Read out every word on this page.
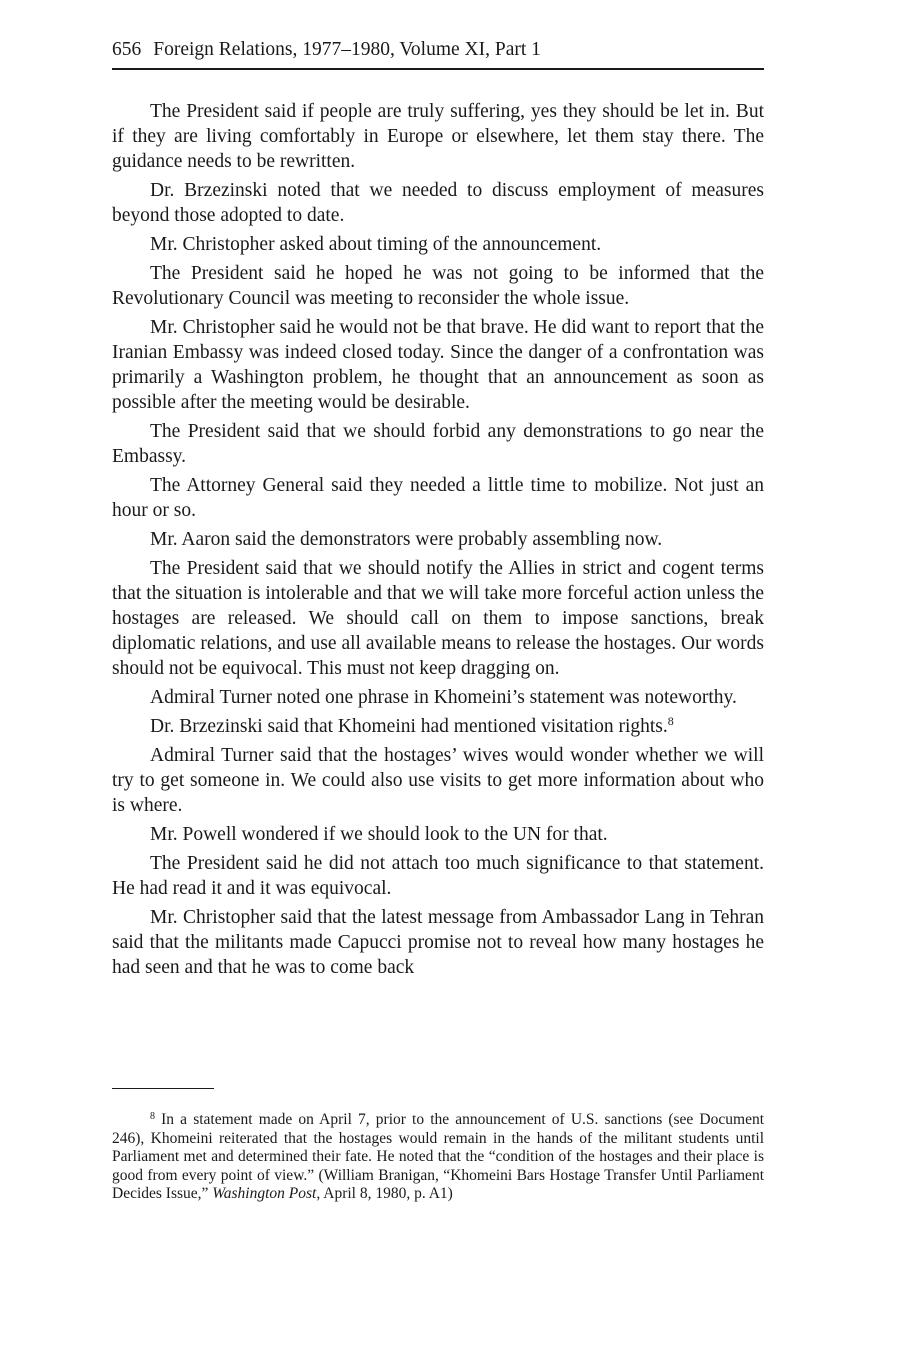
656 Foreign Relations, 1977–1980, Volume XI, Part 1

The President said if people are truly suffering, yes they should be let in. But if they are living comfortably in Europe or elsewhere, let them stay there. The guidance needs to be rewritten.

Dr. Brzezinski noted that we needed to discuss employment of measures beyond those adopted to date.

Mr. Christopher asked about timing of the announcement.

The President said he hoped he was not going to be informed that the Revolutionary Council was meeting to reconsider the whole issue.

Mr. Christopher said he would not be that brave. He did want to report that the Iranian Embassy was indeed closed today. Since the danger of a confrontation was primarily a Washington problem, he thought that an announcement as soon as possible after the meeting would be desirable.

The President said that we should forbid any demonstrations to go near the Embassy.

The Attorney General said they needed a little time to mobilize. Not just an hour or so.

Mr. Aaron said the demonstrators were probably assembling now.

The President said that we should notify the Allies in strict and cogent terms that the situation is intolerable and that we will take more forceful action unless the hostages are released. We should call on them to impose sanctions, break diplomatic relations, and use all available means to release the hostages. Our words should not be equivocal. This must not keep dragging on.

Admiral Turner noted one phrase in Khomeini’s statement was noteworthy.

Dr. Brzezinski said that Khomeini had mentioned visitation rights.$^8$

Admiral Turner said that the hostages’ wives would wonder whether we will try to get someone in. We could also use visits to get more information about who is where.

Mr. Powell wondered if we should look to the UN for that.

The President said he did not attach too much significance to that statement. He had read it and it was equivocal.

Mr. Christopher said that the latest message from Ambassador Lang in Tehran said that the militants made Capucci promise not to reveal how many hostages he had seen and that he was to come back

$^8$ In a statement made on April 7, prior to the announcement of U.S. sanctions (see Document 246), Khomeini reiterated that the hostages would remain in the hands of the militant students until Parliament met and determined their fate. He noted that the “condition of the hostages and their place is good from every point of view.” (William Branigan, “Khomeini Bars Hostage Transfer Until Parliament Decides Issue,” Washington Post, April 8, 1980, p. A1)
